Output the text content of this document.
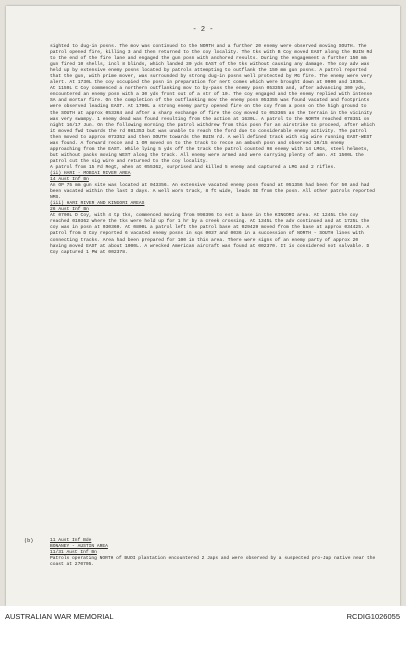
- 2 -

sighted to dug-in posns. The mov was continued to the NORTH and a further 20 enemy were observed moving SOUTH. The patrol opened fire, killing 3 and then returned to the coy locality. The tks with B Coy moved EAST along the BUIN Rd to the end of the fire lane and engaged the gun posn with anchored results. During the engagement a further 150 mm gun fired 10 shells, incl 8 blinds, which landed 30 yds EAST of the tks without causing any damage. The coy adv was held up by extensive enemy posns located by patrols attempting to outflank the 150 mm gun posns. A patrol reported that the gun, with prime mover, was surrounded by strong dug-in posns well protected by MG fire. The enemy were very alert. At 1730L the coy occupied the posn in preparation for nert comes which were brought down at 0900 and 1930L.

At 1150L C Coy commenced a northern outflanking mov to by-pass the enemy posn 053355 and, after advancing 300 yds, encountered an enemy posn with a 30 yds front out of a str of 10. The coy engaged and the enemy replied with intense SA and mortar fire. On the completion of the outflanking mov the enemy posn 053355 was found vacated and footprints were observed leading EAST. At 1700L a strong enemy party opened fire on the coy from a posn on the high ground to the SOUTH at approx 053364 and after a sharp exchange of fire the coy moved to 053365 as the terrain in the vicinity was very swampy. 1 enemy dead was found resulting from the action at 1630L. A patrol to the NORTH reached 078351 on night 16/17 Jun. On the following morning the patrol withdrew from this posn for an airstrike to proceed, after which it moved fwd towards the rd 081353 but was unable to reach the ford due to considerable enemy activity. The patrol then moved to approx 073352 and then SOUTH towards the BUIN rd. A well defined track with sig wire running EAST-WEST was found. A forward recce and 1 OR moved on to the track to recce an ambush posn and observed 10/15 enemy approaching from the EAST. While lying 5 yds off the track the patrol counted 98 enemy with 14 LMGs, steel helmets, but without packs moving WEST along the track. All enemy were armed and were carrying plenty of amn. At 1500L the patrol cut the sig wire and returned to the coy locality.

A patrol from 15 Fd Regt, when at 055362, surprised and killed 5 enemy and captured a LMG and 2 rifles.

(ii) HARI - MOBIAI RIVER AREA

14 Aust Inf Bn

An OP 75 mm gun site was located at 043356. An extensive vacated enemy posn found at 051356 had been for 50 and had been vacated within the last 3 days. A well worn track, 8 ft wide, leads SE from the posn. All other patrols reported NMS.

(iii) HARI RIVER AND KINGORI AREAS

26 Aust Inf Bn

At 0700L D Coy, with 4 tp tks, commenced moving from 998396 to est a base in the KINGORI area. At 1245L the coy reached 010362 where the tks were held up for 1 hr by a creek crossing. At 1345L the adv continued and at 1725L the coy was in posn at 030360. At 0800L a patrol left the patrol base at 029429 moved from the base at approx 034425. A patrol from D Coy reported 6 vacated enemy posns in sqs 0037 and 0036 in a succession of NORTH - SOUTH lines with connecting tracks. Area had been prepared for 100 in this area. There were signs of an enemy party of approx 20 having moved EAST at about 1000L. A wrecked American aircraft was found at 002370. It is considered not salvable. D Coy captured 1 PW at 002378.

(b)	11 Aust Inf Bde

BONANEY - AUSTIN AREA

11/31 Aust Inf Bn

Patrols operating NORTH of BUOI plantation encountered 2 Japs and were observed by a suspected pro-Jap native near the coast at 270705.

AUSTRALIAN WAR MEMORIAL	RCDIG1026055
